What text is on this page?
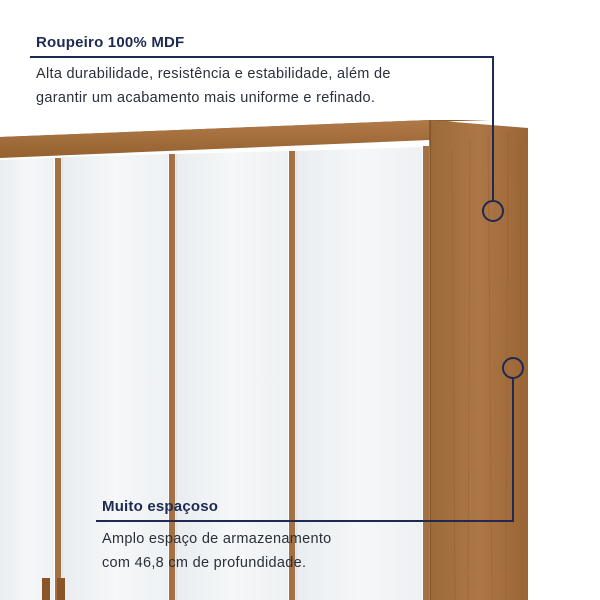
Roupeiro 100% MDF

Alta durabilidade, resistência e estabilidade, além de
garantir um acabamento mais uniforme e refinado.

Muito espaçoso

Amplo espaço de armazenamento
com 46,8 cm de profundidade.
